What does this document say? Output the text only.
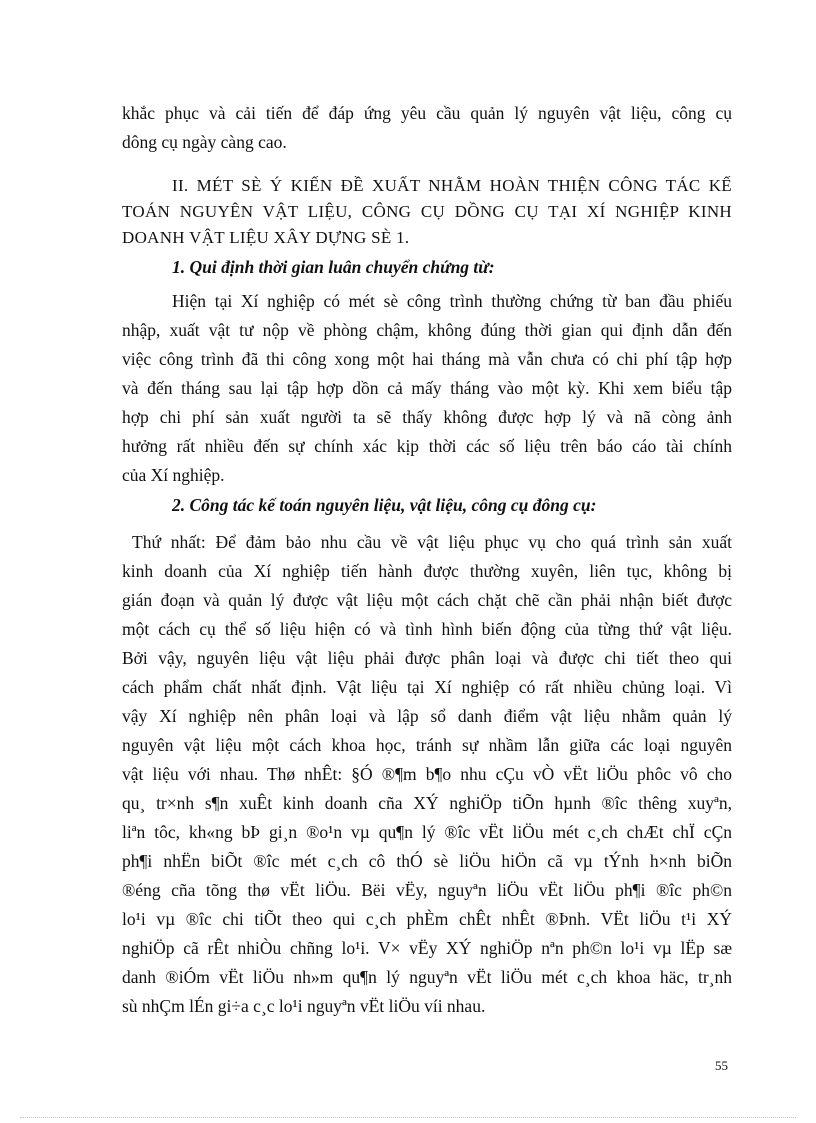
khắc phục và cải tiến để đáp ứng yêu cầu quản lý nguyên vật liệu, công cụ
dông cụ ngày càng cao.
II. MÉT SÈ Ý KIẾN ĐỀ XUẤT NHẰM HOÀN THIỆN CÔNG TÁC KẾ
TOÁN NGUYÊN VẬT LIỆU, CÔNG CỤ DỒNG CỤ TẠI XÍ NGHIỆP KINH
DOANH VẬT LIỆU XÂY DỰNG SÈ 1.
1. Qui định thời gian luân chuyển chứng từ:
Hiện tại Xí nghiệp có mét sè công trình thường chứng từ ban đầu phiếu
nhập, xuất vật tư nộp về phòng chậm, không đúng thời gian qui định dẫn đến
việc công trình đã thi công xong một hai tháng mà vẫn chưa có chi phí tập hợp
và đến tháng sau lại tập hợp dồn cả mấy tháng vào một kỳ. Khi xem biểu tập
hợp chi phí sản xuất người ta sẽ thấy không được hợp lý và nã còng ảnh
hưởng rất nhiều đến sự chính xác kịp thời các số liệu trên báo cáo tài chính
của Xí nghiệp.
2. Công tác kế toán nguyên liệu, vật liệu, công cụ đông cụ:
Thứ nhất: Để đảm bảo nhu cầu về vật liệu phục vụ cho quá trình sản xuất
kinh doanh của Xí nghiệp tiến hành được thường xuyên, liên tục, không bị
gián đoạn và quản lý được vật liệu một cách chặt chẽ cần phải nhận biết được
một cách cụ thể số liệu hiện có và tình hình biến động của từng thứ vật liệu.
Bởi vậy, nguyên liệu vật liệu phải được phân loại và được chi tiết theo qui
cách phẩm chất nhất định. Vật liệu tại Xí nghiệp có rất nhiều chủng loại. Vì
vậy Xí nghiệp nên phân loại và lập sổ danh điểm vật liệu nhằm quản lý
nguyên vật liệu một cách khoa học, tránh sự nhầm lẫn giữa các loại nguyên
vật liệu với nhau. Thø nhÊt: §Ó ®¶m b¶o nhu cÇu vÒ vËt liÖu phôc vô cho
qu¸ tr×nh s¶n xuÊt kinh doanh cña XÝ nghiÖp tiÕn hµnh ®îc thêng xuyªn,
liªn tôc, kh«ng bÞ gi¸n ®o¹n vµ qu¶n lý ®îc vËt liÖu mét c¸ch chÆt chÏ cÇn
ph¶i nhËn biÕt ®îc mét c¸ch cô thÓ sè liÖu hiÖn cã vµ tÝnh h×nh biÕn
®éng cña tõng thø vËt liÖu. Bëi vËy, nguyªn liÖu vËt liÖu ph¶i ®îc ph©n
lo¹i vµ ®îc chi tiÕt theo qui c¸ch phÈm chÊt nhÊt ®Þnh. VËt liÖu t¹i XÝ
nghiÖp cã rÊt nhiÒu chñng lo¹i. V× vËy XÝ nghiÖp nªn ph©n lo¹i vµ lËp sæ
danh ®iÓm vËt liÖu nh»m qu¶n lý nguyªn vËt liÖu mét c¸ch khoa häc, tr¸nh
sù nhÇm lÉn gi÷a c¸c lo¹i nguyªn vËt liÖu víi nhau.
55
